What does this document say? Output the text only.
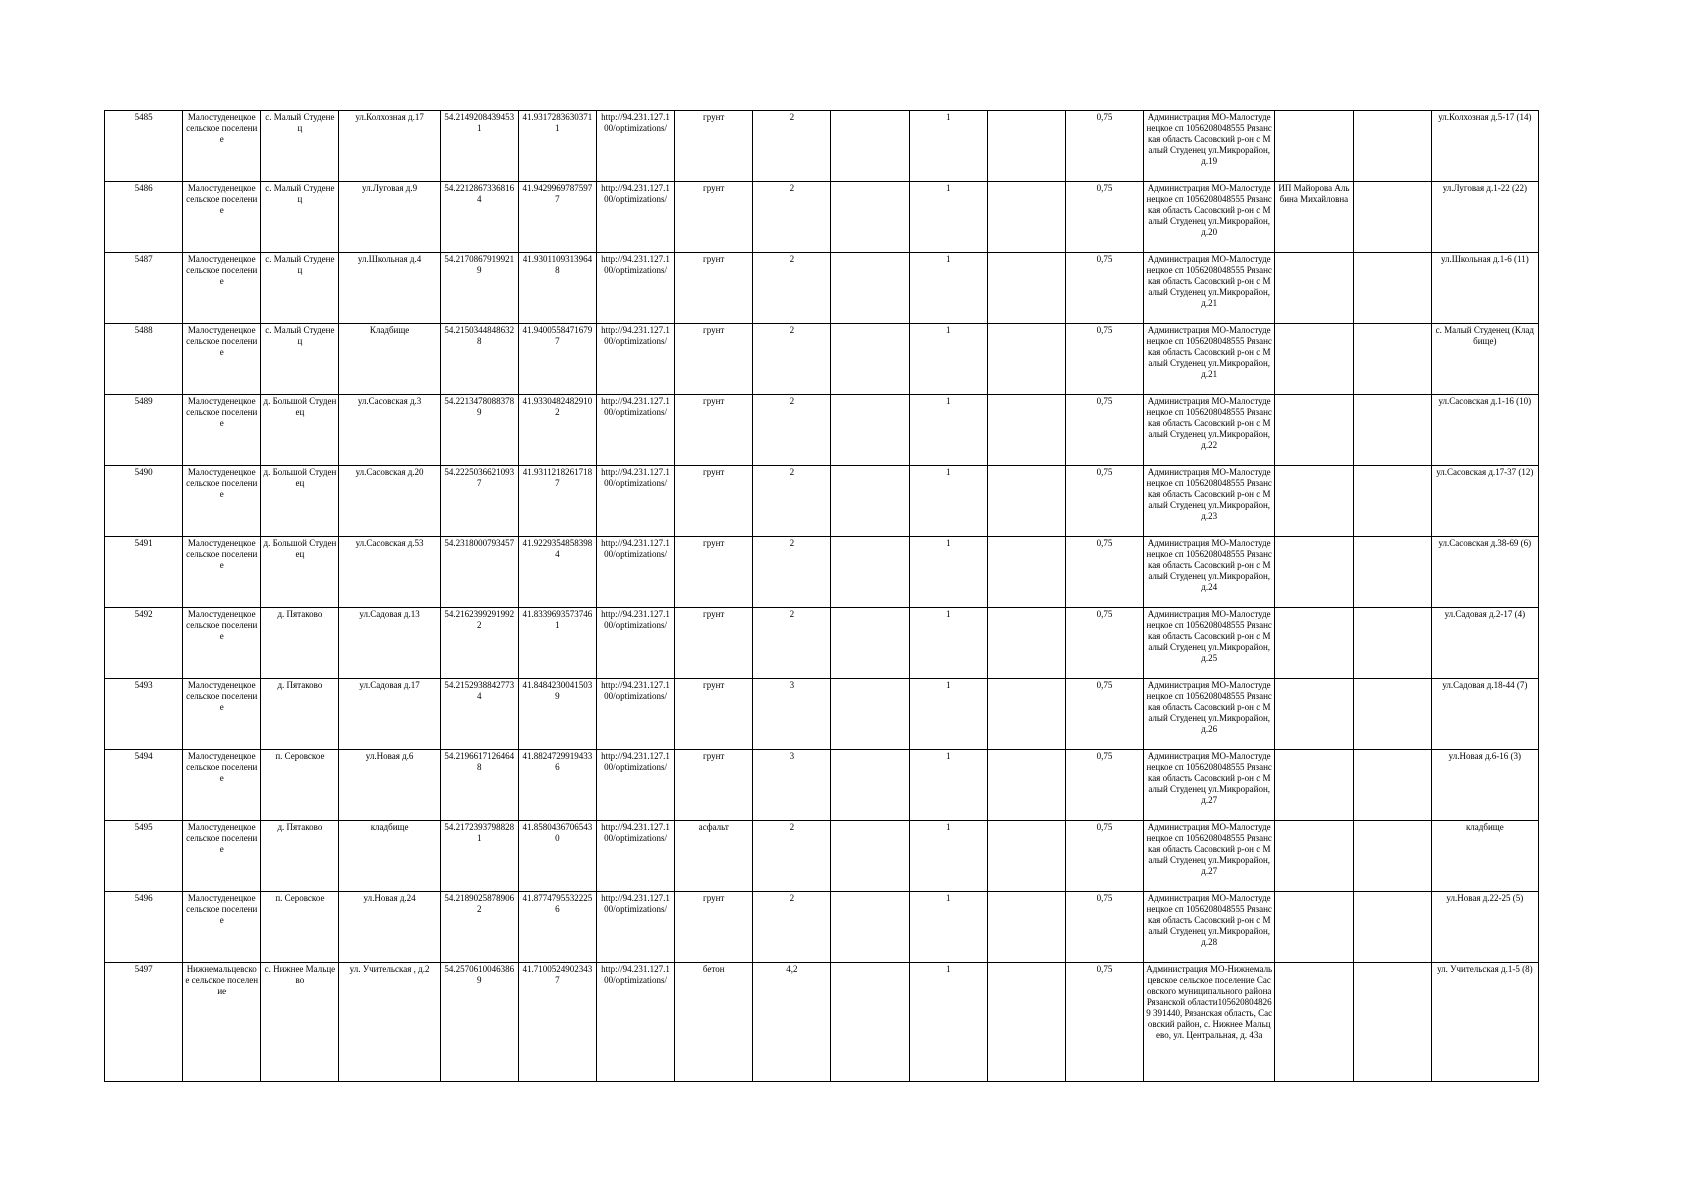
5485	Малостуденецкое сельское поселение	с. Малый Студенец	ул.Колхозная д.17	54.21492084394531	41.93172836303711	http://94.231.127.100/optimizations/	грунт	2		1		0,75	Администрация МО-Малостуденецкое сп 1056208048555 Рязанская область Сасовский р-он с Малый Студенец ул.Микрорайон, д.19			ул.Колхозная д.5-17 (14)
5486	Малостуденецкое сельское поселение	с. Малый Студенец	ул.Луговая д.9	54.22128673368164	41.94299697875977	http://94.231.127.100/optimizations/	грунт	2		1		0,75	Администрация МО-Малостуденецкое сп 1056208048555 Рязанская область Сасовский р-он с Малый Студенец ул.Микрорайон, д.20	ИП Майорова Альбина Михайловна		ул.Луговая д.1-22 (22)
5487	Малостуденецкое сельское поселение	с. Малый Студенец	ул.Школьная д.4	54.21708679199219	41.93011093139648	http://94.231.127.100/optimizations/	грунт	2		1		0,75	Администрация МО-Малостуденецкое сп 1056208048555 Рязанская область Сасовский р-он с Малый Студенец ул.Микрорайон, д.21			ул.Школьная д.1-6 (11)
5488	Малостуденецкое сельское поселение	с. Малый Студенец	Кладбище	54.21503448486328	41.94005584716797	http://94.231.127.100/optimizations/	грунт	2		1		0,75	Администрация МО-Малостуденецкое сп 1056208048555 Рязанская область Сасовский р-он с Малый Студенец ул.Микрорайон, д.21			с. Малый Студенец (Кладбище)
5489	Малостуденецкое сельское поселение	д. Большой Студенец	ул.Сасовская д.3	54.22134780883789	41.93304824829102	http://94.231.127.100/optimizations/	грунт	2		1		0,75	Администрация МО-Малостуденецкое сп 1056208048555 Рязанская область Сасовский р-он с Малый Студенец ул.Микрорайон, д.22			ул.Сасовская д.1-16 (10)
5490	Малостуденецкое сельское поселение	д. Большой Студенец	ул.Сасовская д.20	54.22250366210937	41.93112182617187	http://94.231.127.100/optimizations/	грунт	2		1		0,75	Администрация МО-Малостуденецкое сп 1056208048555 Рязанская область Сасовский р-он с Малый Студенец ул.Микрорайон, д.23			ул.Сасовская д.17-37 (12)
5491	Малостуденецкое сельское поселение	д. Большой Студенец	ул.Сасовская д.53	54.2318000793457	41.92293548583984	http://94.231.127.100/optimizations/	грунт	2		1		0,75	Администрация МО-Малостуденецкое сп 1056208048555 Рязанская область Сасовский р-он с Малый Студенец ул.Микрорайон, д.24			ул.Сасовская д.38-69 (6)
5492	Малостуденецкое сельское поселение	д. Пятаково	ул.Садовая д.13	54.21623992919922	41.83396935737461	http://94.231.127.100/optimizations/	грунт	2		1		0,75	Администрация МО-Малостуденецкое сп 1056208048555 Рязанская область Сасовский р-он с Малый Студенец ул.Микрорайон, д.25			ул.Садовая д.2-17 (4)
5493	Малостуденецкое сельское поселение	д. Пятаково	ул.Садовая д.17	54.21529388427734	41.84842300415039	http://94.231.127.100/optimizations/	грунт	3		1		0,75	Администрация МО-Малостуденецкое сп 1056208048555 Рязанская область Сасовский р-он с Малый Студенец ул.Микрорайон, д.26			ул.Садовая д.18-44 (7)
5494	Малостуденецкое сельское поселение	п. Серовское	ул.Новая д.6	54.21966171264648	41.88247299194336	http://94.231.127.100/optimizations/	грунт	3		1		0,75	Администрация МО-Малостуденецкое сп 1056208048555 Рязанская область Сасовский р-он с Малый Студенец ул.Микрорайон, д.27			ул.Новая д.6-16 (3)
5495	Малостуденецкое сельское поселение	д. Пятаково	кладбище	54.21723937988281	41.85804367065430	http://94.231.127.100/optimizations/	асфальт	2		1		0,75	Администрация МО-Малостуденецкое сп 1056208048555 Рязанская область Сасовский р-он с Малый Студенец ул.Микрорайон, д.27			кладбище
5496	Малостуденецкое сельское поселение	п. Серовское	ул.Новая д.24	54.21890258789062	41.87747955322256	http://94.231.127.100/optimizations/	грунт	2		1		0,75	Администрация МО-Малостуденецкое сп 1056208048555 Рязанская область Сасовский р-он с Малый Студенец ул.Микрорайон, д.28			ул.Новая д.22-25 (5)
5497	Нижнемальцевское сельское поселение	с. Нижнее Мальцево	ул. Учительская , д.2	54.25706100463869	41.71005249023437	http://94.231.127.100/optimizations/	бетон	4,2		1		0,75	Администрация МО-Нижнемальцевское сельское поселение Сасовского муниципального района Рязанской области1056208048269 391440, Рязанская область, Сасовский район, с. Нижнее Мальцево, ул. Центральная, д. 43а			ул. Учительская д.1-5 (8)
